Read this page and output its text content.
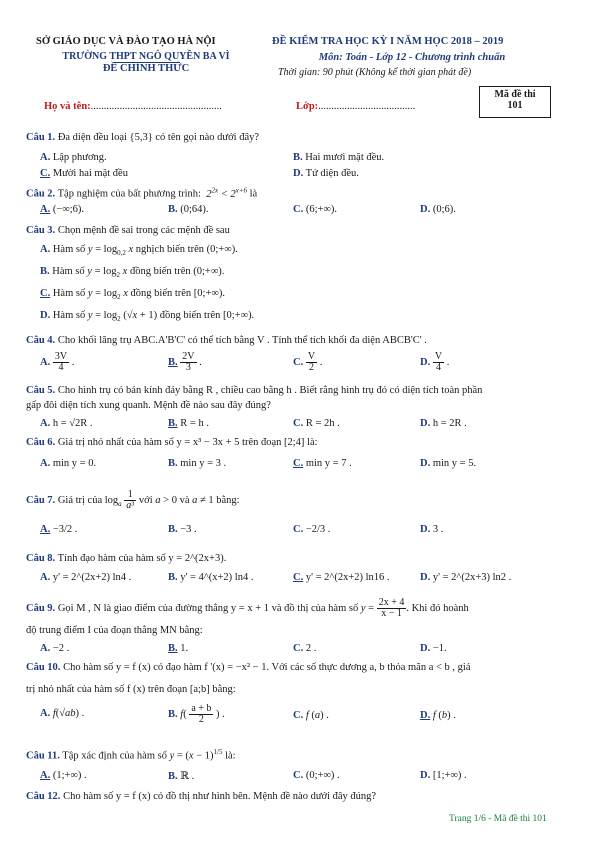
SỞ GIÁO DỤC VÀ ĐÀO TẠO HÀ NỘI
TRƯỜNG THPT NGÔ QUYỀN BA VÌ
ĐỀ CHÍNH THỨC
ĐỀ KIỂM TRA HỌC KỲ I NĂM HỌC 2018 – 2019
Môn: Toán - Lớp 12 - Chương trình chuẩn
Thời gian: 90 phút (Không kể thời gian phát đề)
Họ và tên:..................................................	Lớp:.....................................
Mã đề thi
101
Câu 1. Đa diện đều loại {5,3} có tên gọi nào dưới đây?
A. Lập phương.	B. Hai mươi mặt đều.
C. Mười hai mặt đều	D. Tứ diện đều.
Câu 2. Tập nghiệm của bất phương trình:  $2^{2x} < 2^{x+6}$ là
A. (−∞;6).	B. (0;64).	C. (6;+∞).	D. (0;6).
Câu 3. Chọn mệnh đề sai trong các mệnh đề sau
A. Hàm số $y = \log_{0,2} x$ nghịch biến trên (0;+∞).
B. Hàm số $y = \log_2 x$ đồng biến trên (0;+∞).
C. Hàm số $y = \log_2 x$ đồng biến trên [0;+∞).
D. Hàm số $y = \log_2 (√x + 1)$ đồng biến trên [0;+∞).
Câu 4. Cho khối lăng trụ ABC.A'B'C' có thể tích bằng V . Tính thể tích khối đa diện ABCB'C' .
A. $\frac{3V}{4}$ .	B. $\frac{2V}{3}$ .	C. $\frac{V}{2}$ .	D. $\frac{V}{4}$ .
Câu 5. Cho hình trụ có bán kính đáy bằng R , chiều cao bằng h . Biết rằng hình trụ đó có diện tích toàn phần
gấp đôi diện tích xung quanh. Mệnh đề nào sau đây đúng?
A. h = √2R .	B. R = h .	C. R = 2h .	D. h = 2R .
Câu 6. Giá trị nhỏ nhất của hàm số y = x³ − 3x + 5 trên đoạn [2;4] là:
A. min y = 0.	B. min y = 3 .	C. min y = 7 .	D. min y = 5.
Câu 7. Giá trị của $\log_a \frac{1}{\text{a³}}$ với a > 0 và a ≠ 1 bằng:
A. −3/2 .	B. −3 .	C. −2/3 .	D. 3 .
Câu 8. Tính đạo hàm của hàm số y = 2^(2x+3).
A. y' = 2^(2x+2) ln4 .	B. y' = 4^(x+2) ln4 .	C. y' = 2^(2x+2) ln16 .	D. y' = 2^(2x+3) ln2 .
Câu 9. Gọi M , N là giao điểm của đường thẳng y = x + 1 và đồ thị của hàm số $y = \frac{2x + 4}{x - 1}$ . Khi đó hoành
độ trung điểm I của đoạn thẳng MN bằng:
A. −2 .	B. 1.	C. 2 .	D. −1.
Câu 10. Cho hàm số y = f (x) có đạo hàm f '(x) = −x² − 1. Với các số thực dương a, b thỏa mãn a < b , giá
trị nhỏ nhất của hàm số f (x) trên đoạn [a;b] bằng:
A. f(√ab) .	B. $f( \frac{a + b}{2}$ ) .	C. f (a) .	D. f (b) .
Câu 11. Tập xác định của hàm số $y = (x - 1)^{1/5}$ là:
A. (1;+∞) .	B. ℝ .	C. (0;+∞) .	D. [1;+∞) .
Câu 12. Cho hàm số y = f (x) có đồ thị như hình bên. Mệnh đề nào dưới đây đúng?
Trang 1/6 - Mã đề thi 101
